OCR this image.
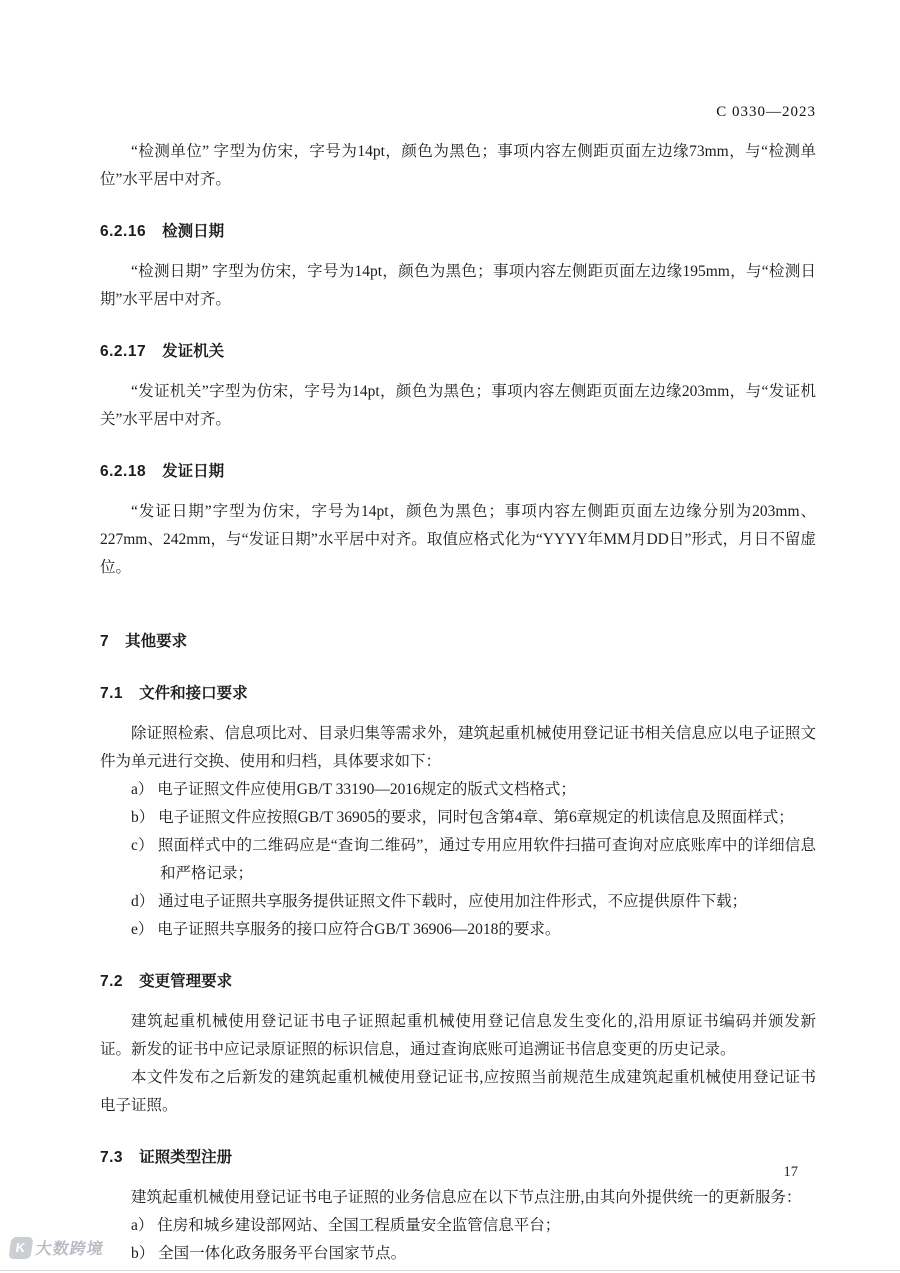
C 0330—2023

“检测单位” 字型为仿宋，字号为14pt，颜色为黑色；事项内容左侧距页面左边缘73mm，与“检测单位”水平居中对齐。

6.2.16 检测日期

“检测日期” 字型为仿宋，字号为14pt，颜色为黑色；事项内容左侧距页面左边缘195mm，与“检测日期”水平居中对齐。

6.2.17 发证机关

“发证机关”字型为仿宋，字号为14pt，颜色为黑色；事项内容左侧距页面左边缘203mm，与“发证机关”水平居中对齐。

6.2.18 发证日期

“发证日期”字型为仿宋，字号为14pt，颜色为黑色；事项内容左侧距页面左边缘分别为203mm、227mm、242mm，与“发证日期”水平居中对齐。取值应格式化为“YYYY年MM月DD日”形式，月日不留虚位。

7 其他要求
7.1 文件和接口要求

除证照检索、信息项比对、目录归集等需求外，建筑起重机械使用登记证书相关信息应以电子证照文件为单元进行交换、使用和归档，具体要求如下：

a） 电子证照文件应使用GB/T 33190—2016规定的版式文档格式；

b） 电子证照文件应按照GB/T 36905的要求，同时包含第4章、第6章规定的机读信息及照面样式；

c） 照面样式中的二维码应是“查询二维码”，通过专用应用软件扫描可查询对应底账库中的详细信息和严格记录；

d） 通过电子证照共享服务提供证照文件下载时，应使用加注件形式，不应提供原件下载；

e） 电子证照共享服务的接口应符合GB/T 36906—2018的要求。

7.2 变更管理要求

建筑起重机械使用登记证书电子证照起重机械使用登记信息发生变化的,沿用原证书编码并颁发新证。新发的证书中应记录原证照的标识信息，通过查询底账可追溯证书信息变更的历史记录。

本文件发布之后新发的建筑起重机械使用登记证书,应按照当前规范生成建筑起重机械使用登记证书电子证照。

7.3 证照类型注册

建筑起重机械使用登记证书电子证照的业务信息应在以下节点注册,由其向外提供统一的更新服务：

a） 住房和城乡建设部网站、全国工程质量安全监管信息平台；

b） 全国一体化政务服务平台国家节点。

17
K 大数跨境
